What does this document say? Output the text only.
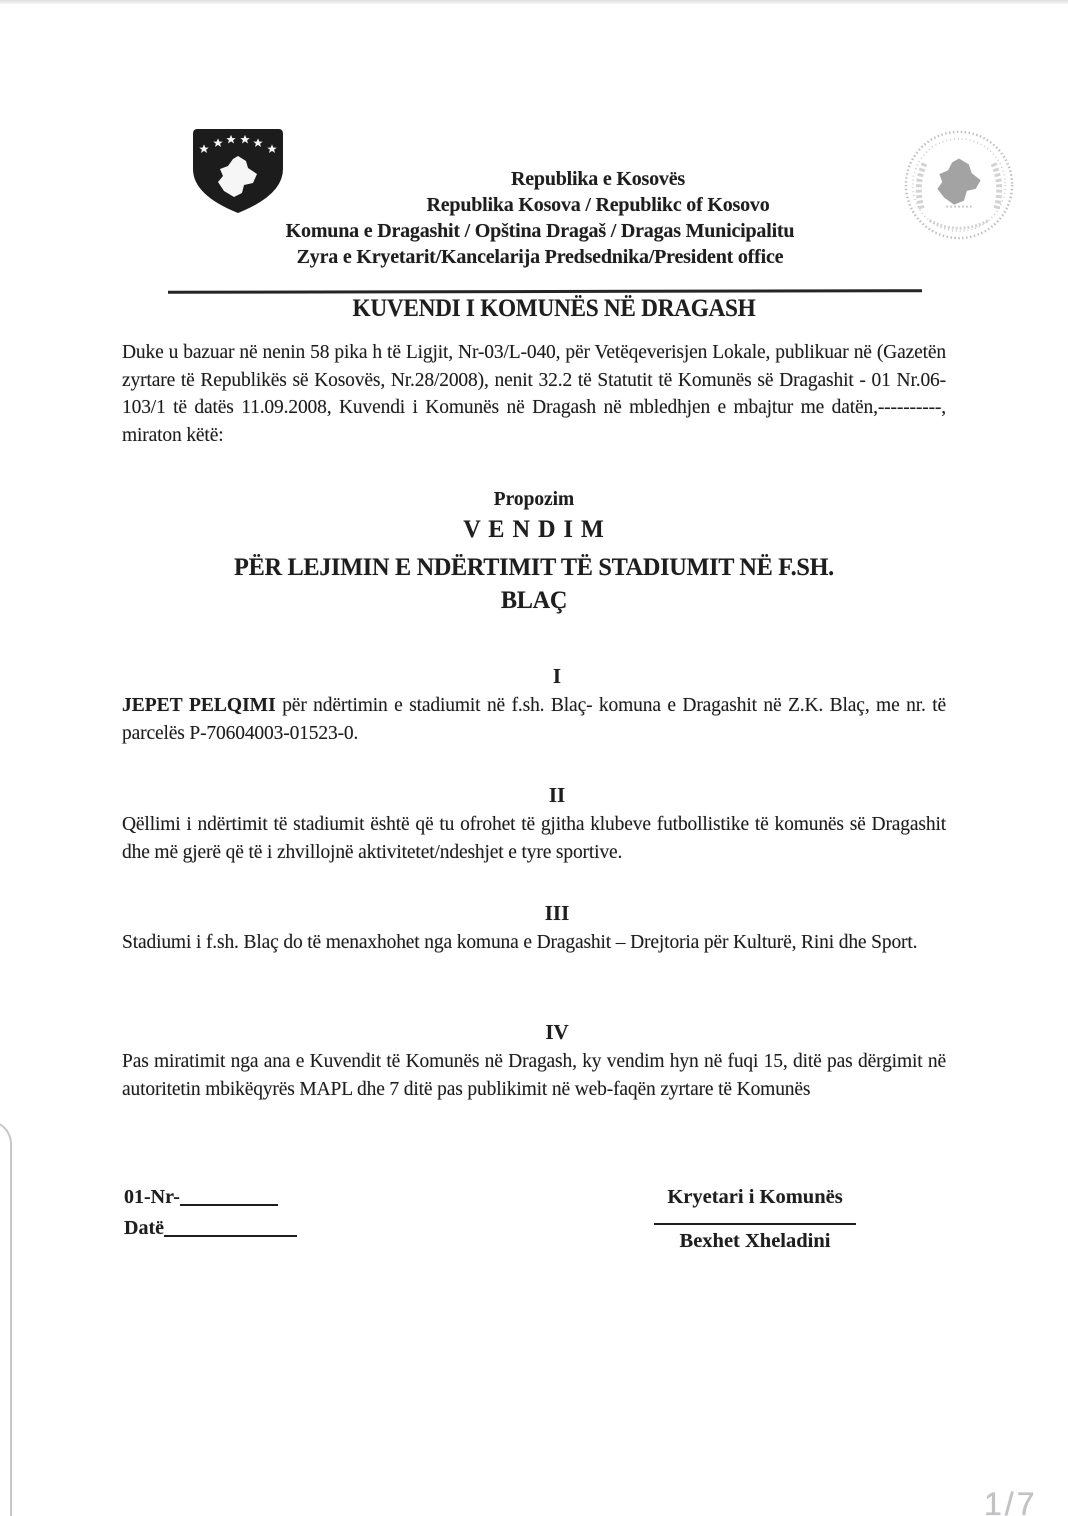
Republika e Kosovës
Republika Kosova / Republikc of Kosovo
Komuna e Dragashit / Opština Dragaš / Dragas Municipalitu
Zyra e Kryetarit/Kancelarija Predsednika/President office
KUVENDI I KOMUNËS NË DRAGASH

Duke u bazuar në nenin 58 pika h të Ligjit, Nr-03/L-040, për Vetëqeverisjen Lokale, publikuar në (Gazetën zyrtare të Republikës së Kosovës, Nr.28/2008), nenit 32.2 të Statutit të Komunës së Dragashit - 01 Nr.06-103/1 të datës 11.09.2008, Kuvendi i Komunës në Dragash në mbledhjen e mbajtur me datën,----------, miraton këtë:

Propozim
V E N D I M
PËR LEJIMIN E NDËRTIMIT TË STADIUMIT NË F.SH.
BLAÇ
I

JEPET PELQIMI për ndërtimin e stadiumit në f.sh. Blaç- komuna e Dragashit në Z.K. Blaç, me nr. të parcelës P-70604003-01523-0.

II

Qëllimi i ndërtimit të stadiumit është që tu ofrohet të gjitha klubeve futbollistike të komunës së Dragashit dhe më gjerë që të i zhvillojnë aktivitetet/ndeshjet e tyre sportive.

III

Stadiumi i f.sh. Blaç do të menaxhohet nga komuna e Dragashit – Drejtoria për Kulturë, Rini dhe Sport.

IV

Pas miratimit nga ana e Kuvendit të Komunës në Dragash, ky vendim hyn në fuqi 15, ditë pas dërgimit në autoritetin mbikëqyrës MAPL dhe 7 ditë pas publikimit në web-faqën zyrtare të Komunës

01-Nr-
Datë
Kryetari i Komunës
Bexhet Xheladini
1/7
